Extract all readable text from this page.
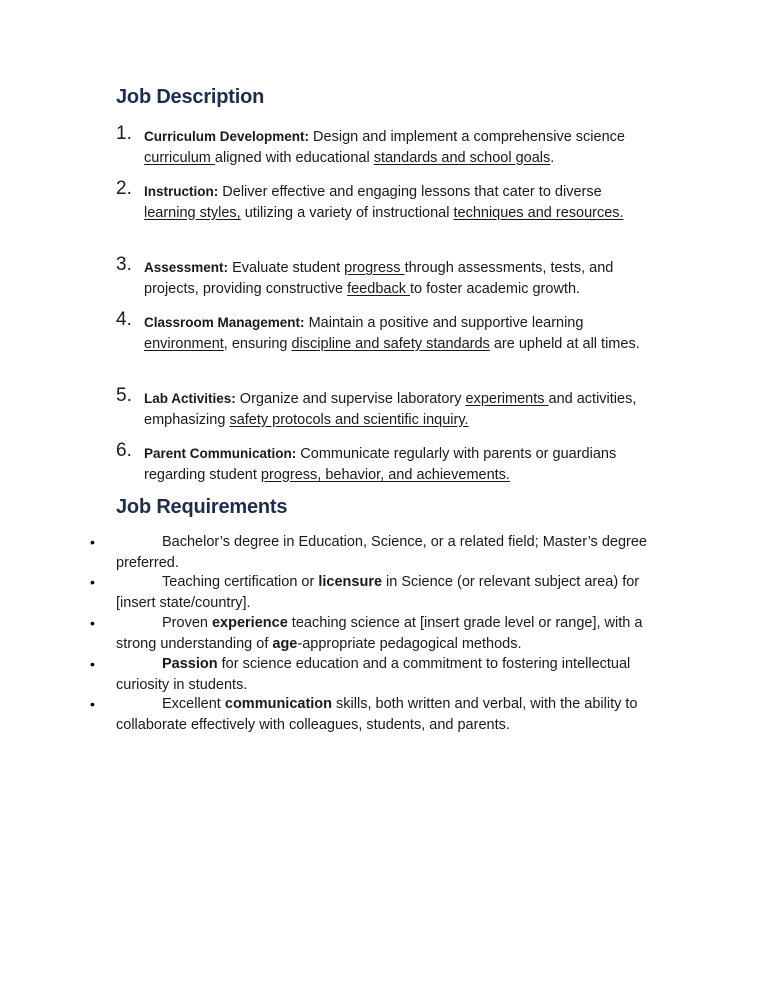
Job Description
1. Curriculum Development: Design and implement a comprehensive science curriculum aligned with educational standards and school goals.
2. Instruction: Deliver effective and engaging lessons that cater to diverse learning styles, utilizing a variety of instructional techniques and resources.
3. Assessment: Evaluate student progress through assessments, tests, and projects, providing constructive feedback to foster academic growth.
4. Classroom Management: Maintain a positive and supportive learning environment, ensuring discipline and safety standards are upheld at all times.
5. Lab Activities: Organize and supervise laboratory experiments and activities, emphasizing safety protocols and scientific inquiry.
6. Parent Communication: Communicate regularly with parents or guardians regarding student progress, behavior, and achievements.
Job Requirements
•	Bachelor’s degree in Education, Science, or a related field; Master’s degree preferred.
•	Teaching certification or licensure in Science (or relevant subject area) for [insert state/country].
•	Proven experience teaching science at [insert grade level or range], with a strong understanding of age-appropriate pedagogical methods.
•	Passion for science education and a commitment to fostering intellectual curiosity in students.
•	Excellent communication skills, both written and verbal, with the ability to collaborate effectively with colleagues, students, and parents.
